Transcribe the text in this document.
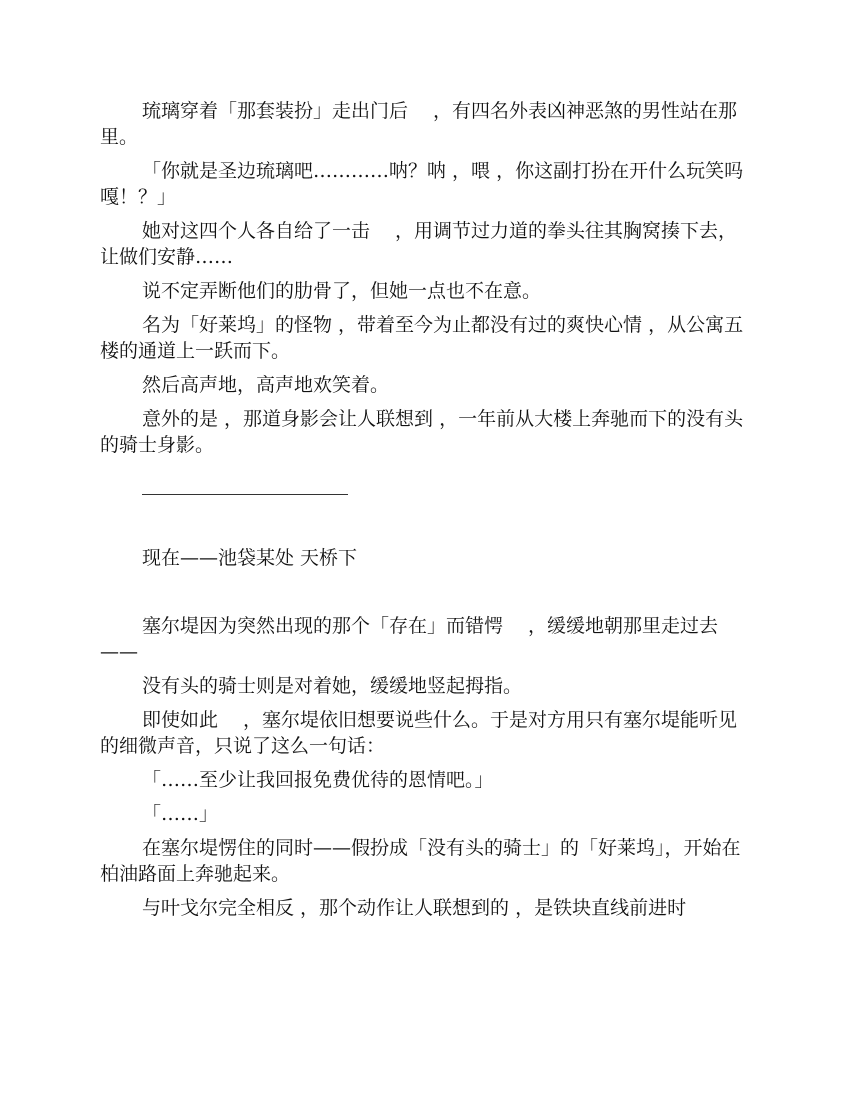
琉璃穿着「那套装扮」走出门后　 ，有四名外表凶神恶煞的男性站在那里。

「你就是圣边琉璃吧…………呐？呐 ，喂 ，你这副打扮在开什么玩笑吗嘎！？」

她对这四个人各自给了一击　 ，用调节过力道的拳头往其胸窝揍下去，让做们安静……

说不定弄断他们的肋骨了，但她一点也不在意。

名为「好莱坞」的怪物 ，带着至今为止都没有过的爽快心情 ，从公寓五楼的通道上一跃而下。

然后高声地，高声地欢笑着。

意外的是 ，那道身影会让人联想到 ，一年前从大楼上奔驰而下的没有头的骑士身影。

现在——池袋某处 天桥下

塞尔堤因为突然出现的那个「存在」而错愕　 ，缓缓地朝那里走过去——

没有头的骑士则是对着她，缓缓地竖起拇指。

即使如此　 ，塞尔堤依旧想要说些什么。于是对方用只有塞尔堤能听见的细微声音，只说了这么一句话：

「……至少让我回报免费优待的恩情吧。」

「……」

在塞尔堤愣住的同时——假扮成「没有头的骑士」的「好莱坞」，开始在柏油路面上奔驰起来。

与叶戈尔完全相反 ，那个动作让人联想到的 ，是铁块直线前进时
